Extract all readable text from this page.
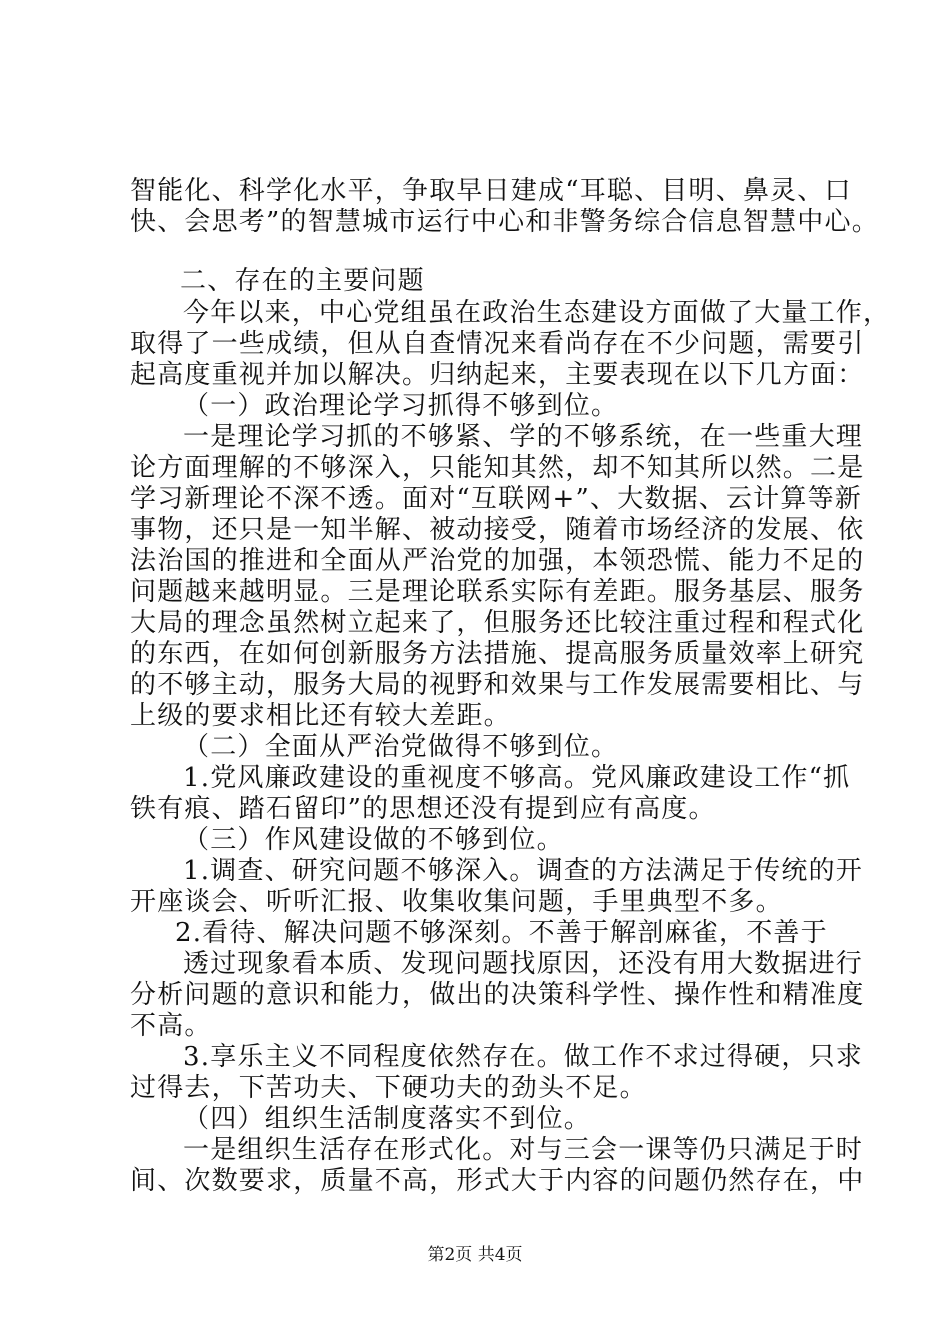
智能化、科学化水平，争取早日建成“耳聪、目明、鼻灵、口
快、会思考”的智慧城市运行中心和非警务综合信息智慧中心。
二、存在的主要问题
今年以来，中心党组虽在政治生态建设方面做了大量工作，
取得了一些成绩，但从自查情况来看尚存在不少问题，需要引
起高度重视并加以解决。归纳起来，主要表现在以下几方面：
（一）政治理论学习抓得不够到位。
一是理论学习抓的不够紧、学的不够系统，在一些重大理
论方面理解的不够深入，只能知其然，却不知其所以然。二是
学习新理论不深不透。面对“互联网+”、大数据、云计算等新
事物，还只是一知半解、被动接受，随着市场经济的发展、依
法治国的推进和全面从严治党的加强，本领恐慌、能力不足的
问题越来越明显。三是理论联系实际有差距。服务基层、服务
大局的理念虽然树立起来了，但服务还比较注重过程和程式化
的东西，在如何创新服务方法措施、提高服务质量效率上研究
的不够主动，服务大局的视野和效果与工作发展需要相比、与
上级的要求相比还有较大差距。
（二）全面从严治党做得不够到位。
1.党风廉政建设的重视度不够高。党风廉政建设工作“抓
铁有痕、踏石留印”的思想还没有提到应有高度。
（三）作风建设做的不够到位。
1.调查、研究问题不够深入。调查的方法满足于传统的开
开座谈会、听听汇报、收集收集问题，手里典型不多。
2.看待、解决问题不够深刻。不善于解剖麻雀，不善于
透过现象看本质、发现问题找原因，还没有用大数据进行
分析问题的意识和能力，做出的决策科学性、操作性和精准度
不高。
3.享乐主义不同程度依然存在。做工作不求过得硬，只求
过得去，下苦功夫、下硬功夫的劲头不足。
（四）组织生活制度落实不到位。
一是组织生活存在形式化。对与三会一课等仍只满足于时
间、次数要求，质量不高，形式大于内容的问题仍然存在，中
第2页 共4页
